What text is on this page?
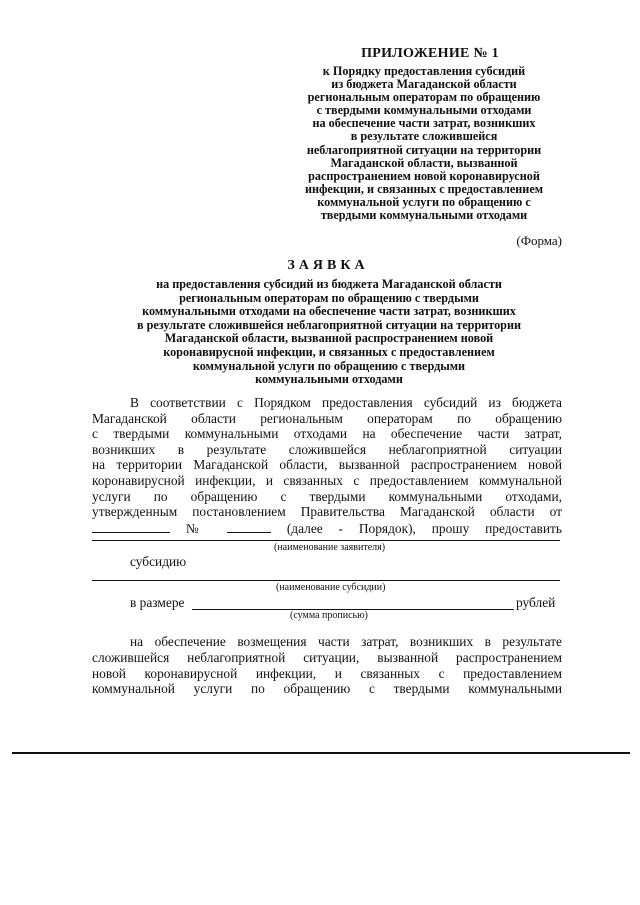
ПРИЛОЖЕНИЕ № 1
к Порядку предоставления субсидий
из бюджета Магаданской области
региональным операторам по обращению
с твердыми коммунальными отходами
на обеспечение части затрат, возникших
в результате сложившейся
неблагоприятной ситуации на территории
Магаданской области, вызванной
распространением новой коронавирусной
инфекции, и связанных с предоставлением
коммунальной услуги по обращению с
твердыми коммунальными отходами
(Форма)
ЗАЯВКА
на предоставления субсидий из бюджета Магаданской области
региональным операторам по обращению с твердыми
коммунальными отходами на обеспечение части затрат, возникших
в результате сложившейся неблагоприятной ситуации на территории
Магаданской области, вызванной распространением новой
коронавирусной инфекции, и связанных с предоставлением
коммунальной услуги по обращению с твердыми
коммунальными отходами
В соответствии с Порядком предоставления субсидий из бюджета
Магаданской области региональным операторам по обращению
с твердыми коммунальными отходами на обеспечение части затрат,
возникших в результате сложившейся неблагоприятной ситуации
на территории Магаданской области, вызванной распространением новой
коронавирусной инфекции, и связанных с предоставлением коммунальной
услуги по обращению с твердыми коммунальными отходами,
утвержденным постановлением Правительства Магаданской области от
№	(далее - Порядок), прошу предоставить
(наименование заявителя)
субсидию
(наименование субсидии)
в размере	рублей
(сумма прописью)
на обеспечение возмещения части затрат, возникших в результате
сложившейся неблагоприятной ситуации, вызванной распространением
новой коронавирусной инфекции, и связанных с предоставлением
коммунальной услуги по обращению с твердыми коммунальными
